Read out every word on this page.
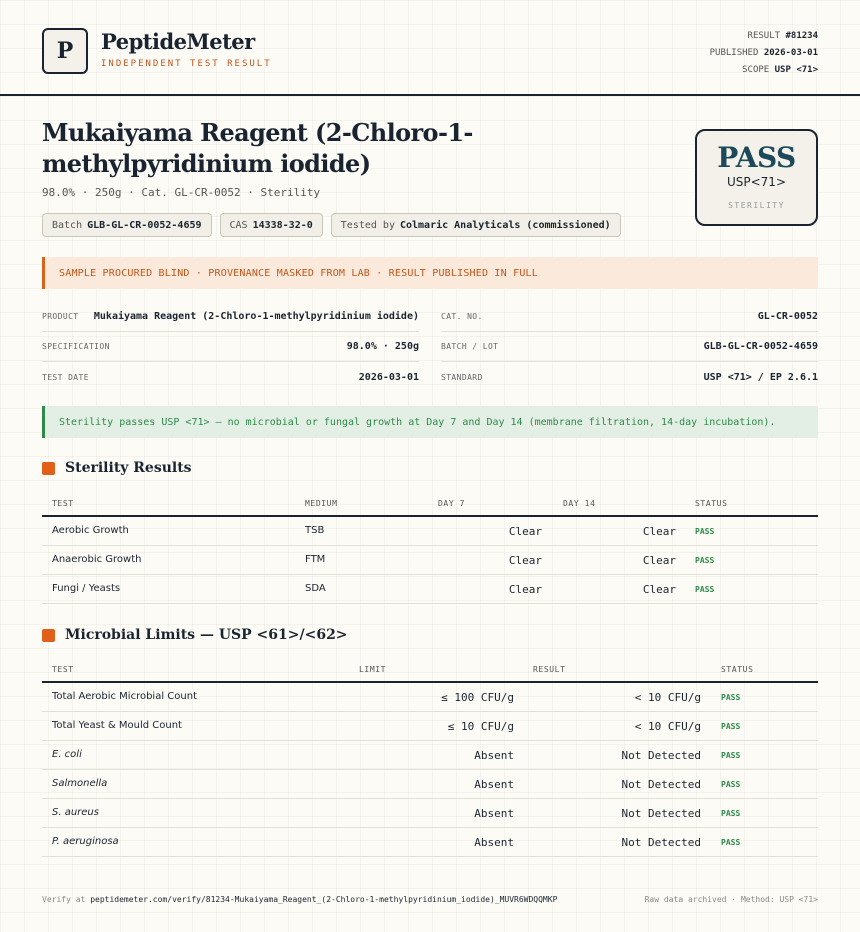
P	PeptideMeter
INDEPENDENT TEST RESULT
RESULT #81234
PUBLISHED 2026-03-01
SCOPE USP <71>
Mukaiyama Reagent (2-Chloro-1-methylpyridinium iodide)
98.0% · 250g · Cat. GL-CR-0052 · Sterility
Batch GLB-GL-CR-0052-4659	CAS 14338-32-0	Tested by Colmaric Analyticals (commissioned)
PASS
USP<71>
STERILITY
SAMPLE PROCURED BLIND · PROVENANCE MASKED FROM LAB · RESULT PUBLISHED IN FULL
PRODUCT	Mukaiyama Reagent (2-Chloro-1-methylpyridinium iodide)
SPECIFICATION	98.0% · 250g
TEST DATE	2026-03-01
CAT. NO.	GL-CR-0052
BATCH / LOT	GLB-GL-CR-0052-4659
STANDARD	USP <71> / EP 2.6.1
Sterility passes USP <71> — no microbial or fungal growth at Day 7 and Day 14 (membrane filtration, 14-day incubation).
Sterility Results
TEST	MEDIUM	DAY 7	DAY 14	STATUS
Aerobic Growth	TSB	Clear	Clear PASS
Anaerobic Growth	FTM	Clear	Clear PASS
Fungi / Yeasts	SDA	Clear	Clear PASS
Microbial Limits — USP <61>/<62>
TEST	LIMIT	RESULT	STATUS
Total Aerobic Microbial Count	≤ 100 CFU/g	< 10 CFU/g	PASS
Total Yeast & Mould Count	≤ 10 CFU/g	< 10 CFU/g	PASS
E. coli	Absent	Not Detected	PASS
Salmonella	Absent	Not Detected	PASS
S. aureus	Absent	Not Detected	PASS
P. aeruginosa	Absent	Not Detected	PASS
Verify at peptidemeter.com/verify/81234-Mukaiyama_Reagent_(2-Chloro-1-methylpyridinium_iodide)_MUVR6WDQQMKP	Raw data archived · Method: USP <71>
